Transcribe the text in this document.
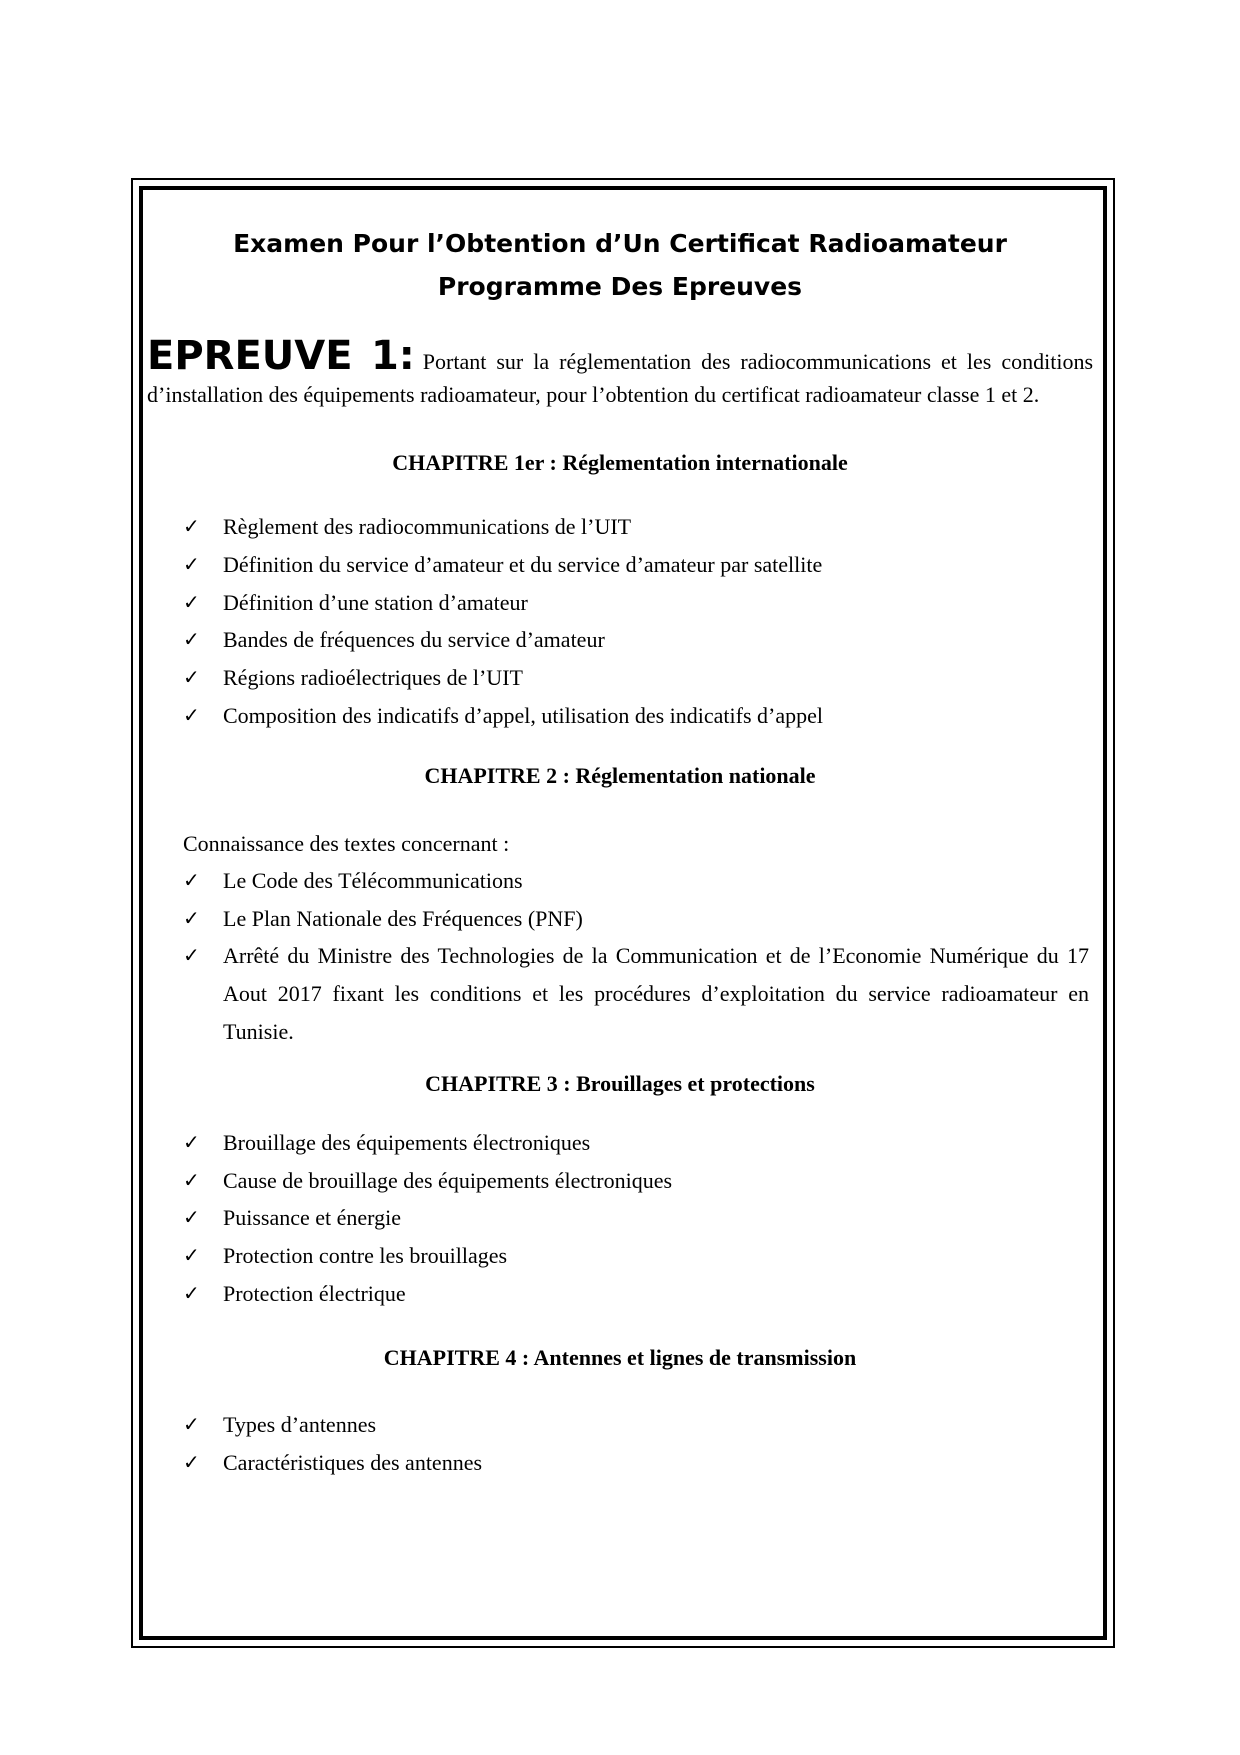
Examen Pour l’Obtention d’Un Certificat Radioamateur

Programme Des Epreuves

EPREUVE 1: Portant sur la réglementation des radiocommunications et les conditions d’installation des équipements radioamateur, pour l’obtention du certificat radioamateur classe 1 et 2.

CHAPITRE 1er : Réglementation internationale

✓ Règlement des radiocommunications de l’UIT
✓ Définition du service d’amateur et du service d’amateur par satellite
✓ Définition d’une station d’amateur
✓ Bandes de fréquences du service d’amateur
✓ Régions radioélectriques de l’UIT
✓ Composition des indicatifs d’appel, utilisation des indicatifs d’appel

CHAPITRE 2 : Réglementation nationale

Connaissance des textes concernant :
✓ Le Code des Télécommunications
✓ Le Plan Nationale des Fréquences (PNF)
✓ Arrêté du Ministre des Technologies de la Communication et de l’Economie Numérique du 17 Aout 2017 fixant les conditions et les procédures d’exploitation du service radioamateur en Tunisie.

CHAPITRE 3 : Brouillages et protections

✓ Brouillage des équipements électroniques
✓ Cause de brouillage des équipements électroniques
✓ Puissance et énergie
✓ Protection contre les brouillages
✓ Protection électrique

CHAPITRE 4 : Antennes et lignes de transmission

✓ Types d’antennes
✓ Caractéristiques des antennes
